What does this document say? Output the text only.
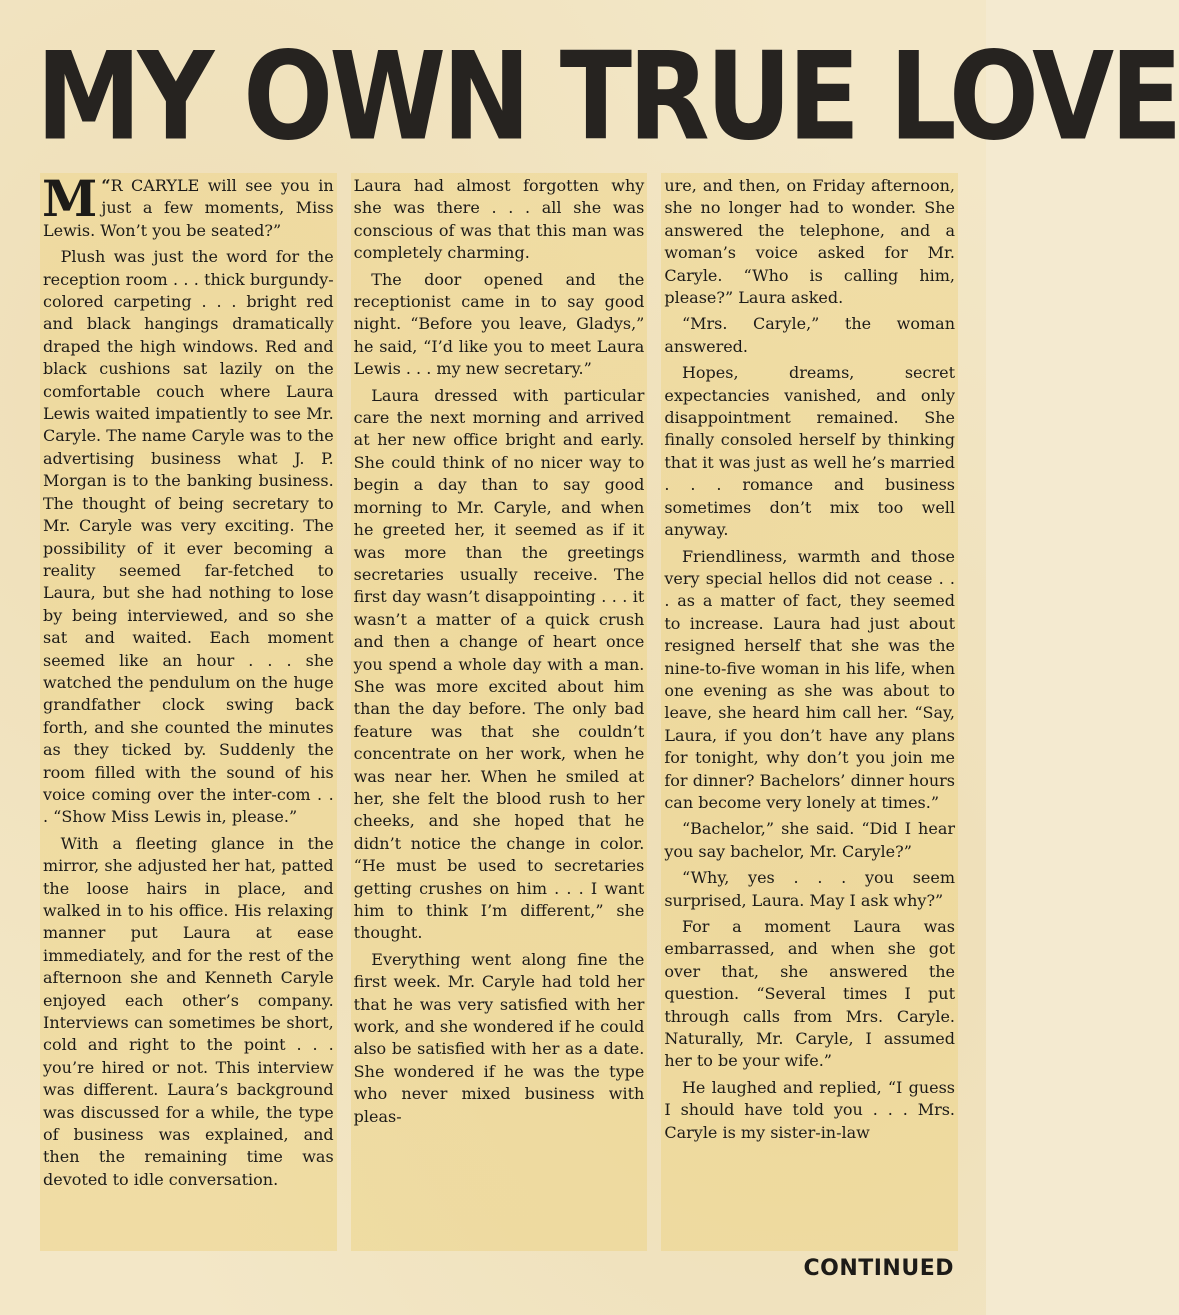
MY OWN TRUE LOVE

“
M R CARYLE will see you in just a few moments, Miss Lewis. Won’t you be seated?”

Plush was just the word for the reception room . . . thick burgundy-colored carpeting . . . bright red and black hangings dramatically draped the high windows. Red and black cushions sat lazily on the comfortable couch where Laura Lewis waited impatiently to see Mr. Caryle. The name Caryle was to the advertising business what J. P. Morgan is to the banking business. The thought of being secretary to Mr. Caryle was very exciting. The possibility of it ever becoming a reality seemed far-fetched to Laura, but she had nothing to lose by being interviewed, and so she sat and waited. Each moment seemed like an hour . . . she watched the pendulum on the huge grandfather clock swing back forth, and she counted the minutes as they ticked by. Suddenly the room filled with the sound of his voice coming over the inter-com . . . “Show Miss Lewis in, please.”

With a fleeting glance in the mirror, she adjusted her hat, patted the loose hairs in place, and walked in to his office. His relaxing manner put Laura at ease immediately, and for the rest of the afternoon she and Kenneth Caryle enjoyed each other’s company. Interviews can sometimes be short, cold and right to the point . . . you’re hired or not. This interview was different. Laura’s background was discussed for a while, the type of business was explained, and then the remaining time was devoted to idle conversation.

Laura had almost forgotten why she was there . . . all she was conscious of was that this man was completely charming.

The door opened and the receptionist came in to say good night. “Before you leave, Gladys,” he said, “I’d like you to meet Laura Lewis . . . my new secretary.”

Laura dressed with particular care the next morning and arrived at her new office bright and early. She could think of no nicer way to begin a day than to say good morning to Mr. Caryle, and when he greeted her, it seemed as if it was more than the greetings secretaries usually receive. The first day wasn’t disappointing . . . it wasn’t a matter of a quick crush and then a change of heart once you spend a whole day with a man. She was more excited about him than the day before. The only bad feature was that she couldn’t concentrate on her work, when he was near her. When he smiled at her, she felt the blood rush to her cheeks, and she hoped that he didn’t notice the change in color. “He must be used to secretaries getting crushes on him . . . I want him to think I’m different,” she thought.

Everything went along fine the first week. Mr. Caryle had told her that he was very satisfied with her work, and she wondered if he could also be satisfied with her as a date. She wondered if he was the type who never mixed business with pleas-

ure, and then, on Friday afternoon, she no longer had to wonder. She answered the telephone, and a woman’s voice asked for Mr. Caryle. “Who is calling him, please?” Laura asked.

“Mrs. Caryle,” the woman answered.

Hopes, dreams, secret expectancies vanished, and only disappointment remained. She finally consoled herself by thinking that it was just as well he’s married . . . romance and business sometimes don’t mix too well anyway.

Friendliness, warmth and those very special hellos did not cease . . . as a matter of fact, they seemed to increase. Laura had just about resigned herself that she was the nine-to-five woman in his life, when one evening as she was about to leave, she heard him call her. “Say, Laura, if you don’t have any plans for tonight, why don’t you join me for dinner? Bachelors’ dinner hours can become very lonely at times.”

“Bachelor,” she said. “Did I hear you say bachelor, Mr. Caryle?”

“Why, yes . . . you seem surprised, Laura. May I ask why?”

For a moment Laura was embarrassed, and when she got over that, she answered the question. “Several times I put through calls from Mrs. Caryle. Naturally, Mr. Caryle, I assumed her to be your wife.”

He laughed and replied, “I guess I should have told you . . . Mrs. Caryle is my sister-in-law

CONTINUED
